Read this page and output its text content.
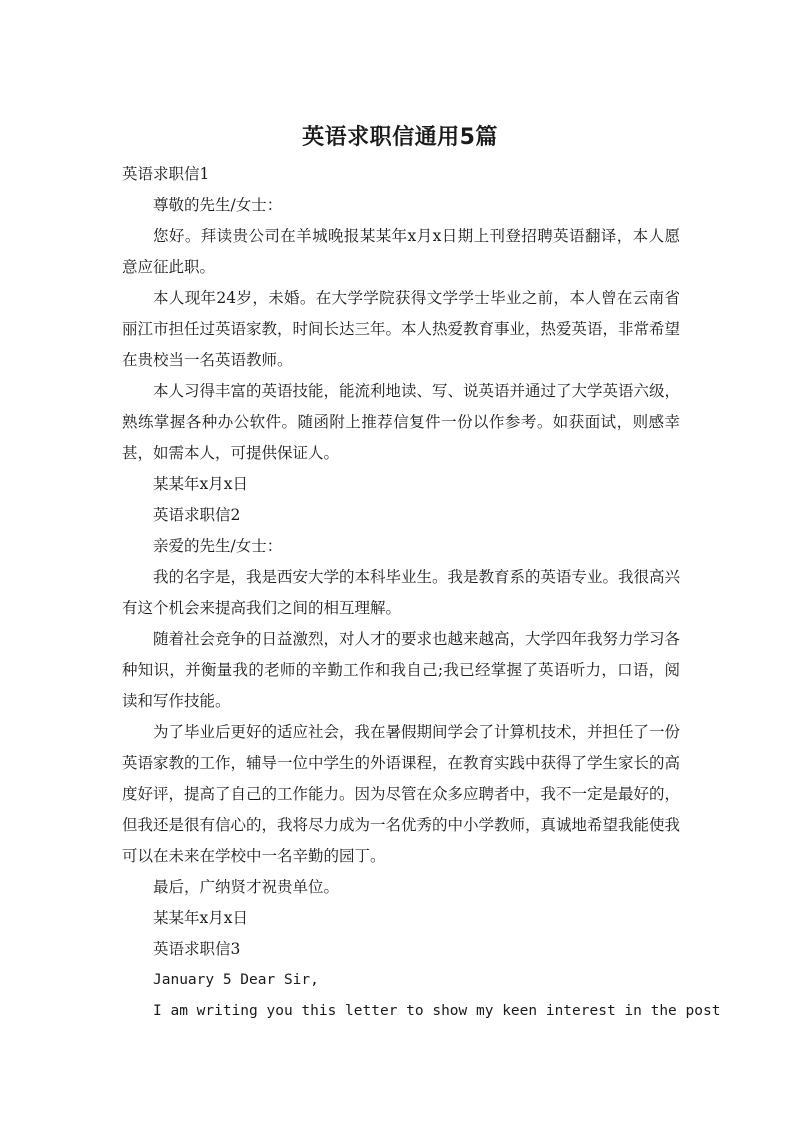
英语求职信通用5篇

英语求职信1

尊敬的先生/女士：

您好。拜读贵公司在羊城晚报某某年x月x日期上刊登招聘英语翻译，本人愿意应征此职。

本人现年24岁，未婚。在大学学院获得文学学士毕业之前，本人曾在云南省丽江市担任过英语家教，时间长达三年。本人热爱教育事业，热爱英语，非常希望在贵校当一名英语教师。

本人习得丰富的英语技能，能流利地读、写、说英语并通过了大学英语六级，熟练掌握各种办公软件。随函附上推荐信复件一份以作参考。如获面试，则感幸甚，如需本人，可提供保证人。

某某年x月x日

英语求职信2

亲爱的先生/女士：

我的名字是，我是西安大学的本科毕业生。我是教育系的英语专业。我很高兴有这个机会来提高我们之间的相互理解。

随着社会竞争的日益激烈，对人才的要求也越来越高，大学四年我努力学习各种知识，并衡量我的老师的辛勤工作和我自己;我已经掌握了英语听力，口语，阅读和写作技能。

为了毕业后更好的适应社会，我在暑假期间学会了计算机技术，并担任了一份英语家教的工作，辅导一位中学生的外语课程，在教育实践中获得了学生家长的高度好评，提高了自己的工作能力。因为尽管在众多应聘者中，我不一定是最好的，但我还是很有信心的，我将尽力成为一名优秀的中小学教师，真诚地希望我能使我可以在未来在学校中一名辛勤的园丁。

最后，广纳贤才祝贵单位。

某某年x月x日

英语求职信3

January 5 Dear Sir,

I am writing you this letter to show my keen interest in the post
